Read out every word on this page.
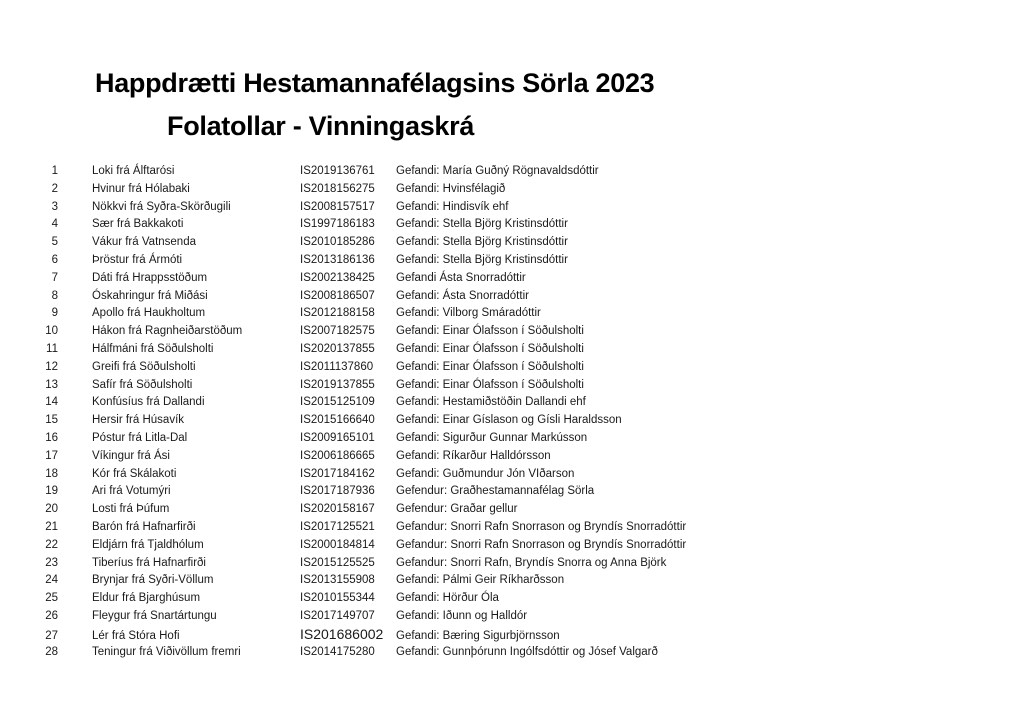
Happdrætti Hestamannafélagsins Sörla 2023
Folatollar - Vinningaskrá
1	Loki frá Álftarósi	IS2019136761	Gefandi: María Guðný Rögnavaldsdóttir
2	Hvinur frá Hólabaki	IS2018156275	Gefandi: Hvinsfélagið
3	Nökkvi frá Syðra-Skörðugili	IS2008157517	Gefandi: Hindisvík ehf
4	Sær frá Bakkakoti	IS1997186183	Gefandi: Stella Björg Kristinsdóttir
5	Vákur frá Vatnsenda	IS2010185286	Gefandi: Stella Björg Kristinsdóttir
6	Þröstur frá Ármóti	IS2013186136	Gefandi: Stella Björg Kristinsdóttir
7	Dáti frá Hrappsstöðum	IS2002138425	Gefandi Ásta Snorradóttir
8	Óskahringur frá Miðási	IS2008186507	Gefandi: Ásta Snorradóttir
9	Apollo frá Haukholtum	IS2012188158	Gefandi: Vilborg Smáradóttir
10	Hákon frá Ragnheiðarstöðum	IS2007182575	Gefandi: Einar Ólafsson í Söðulsholti
11	Hálfmáni frá Söðulsholti	IS2020137855	Gefandi: Einar Ólafsson í Söðulsholti
12	Greifi frá Söðulsholti	IS2011137860	Gefandi: Einar Ólafsson í Söðulsholti
13	Safír frá Söðulsholti	IS2019137855	Gefandi: Einar Ólafsson í Söðulsholti
14	Konfúsíus frá Dallandi	IS2015125109	Gefandi: Hestamiðstöðin Dallandi ehf
15	Hersir frá Húsavík	IS2015166640	Gefandi: Einar Gíslason og Gísli Haraldsson
16	Póstur frá Litla-Dal	IS2009165101	Gefandi: Sigurður Gunnar Markússon
17	Víkingur frá Ási	IS2006186665	Gefandi: Ríkarður Halldórsson
18	Kór frá Skálakoti	IS2017184162	Gefandi: Guðmundur Jón VIðarson
19	Ari frá Votumýri	IS2017187936	Gefendur: Graðhestamannafélag Sörla
20	Losti frá Þúfum	IS2020158167	Gefendur: Graðar gellur
21	Barón frá Hafnarfirði	IS2017125521	Gefandur: Snorri Rafn Snorrason og Bryndís Snorradóttir
22	Eldjárn frá Tjaldhólum	IS2000184814	Gefandur: Snorri Rafn Snorrason og Bryndís Snorradóttir
23	Tiberíus frá Hafnarfirði	IS2015125525	Gefandur: Snorri Rafn, Bryndís Snorra og Anna Björk
24	Brynjar frá Syðri-Völlum	IS2013155908	Gefandi: Pálmi Geir Ríkharðsson
25	Eldur frá Bjarghúsum	IS2010155344	Gefandi: Hörður Óla
26	Fleygur frá Snartártungu	IS2017149707	Gefandi: Iðunn og Halldór
27	Lér frá Stóra Hofi	IS201686002	Gefandi: Bæring Sigurbjörnsson
28	Teningur frá Viðivöllum fremri	IS2014175280	Gefandi: Gunnþórunn Ingólfsdóttir og Jósef Valgarð
